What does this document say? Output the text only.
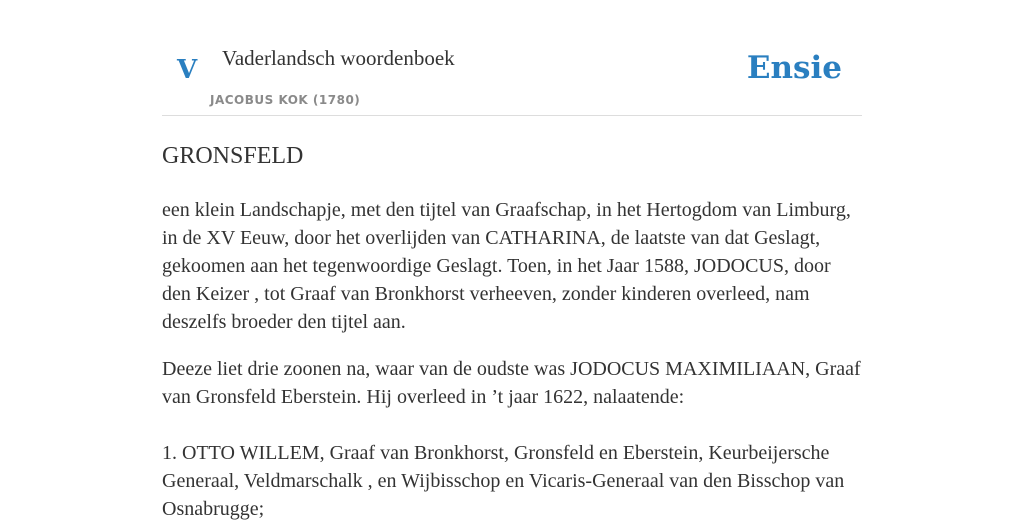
V Vaderlandsch woordenboek
JACOBUS KOK (1780)
Ensie
GRONSFELD

een klein Landschapje, met den tijtel van Graafschap, in het Hertogdom van Limburg, in de XV Eeuw, door het overlijden van CATHARINA, de laatste van dat Geslagt, gekoomen aan het tegenwoordige Geslagt. Toen, in het Jaar 1588, JODOCUS, door den Keizer , tot Graaf van Bronkhorst verheeven, zonder kinderen overleed, nam deszelfs broeder den tijtel aan.

Deeze liet drie zoonen na, waar van de oudste was JODOCUS MAXIMILIAAN, Graaf van Gronsfeld Eberstein. Hij overleed in ’t jaar 1622, nalaatende:

1. OTTO WILLEM, Graaf van Bronkhorst, Gronsfeld en Eberstein, Keurbeijersche Generaal, Veldmarschalk , en Wijbisschop en Vicaris-Generaal van den Bisschop van Osnabrugge;
